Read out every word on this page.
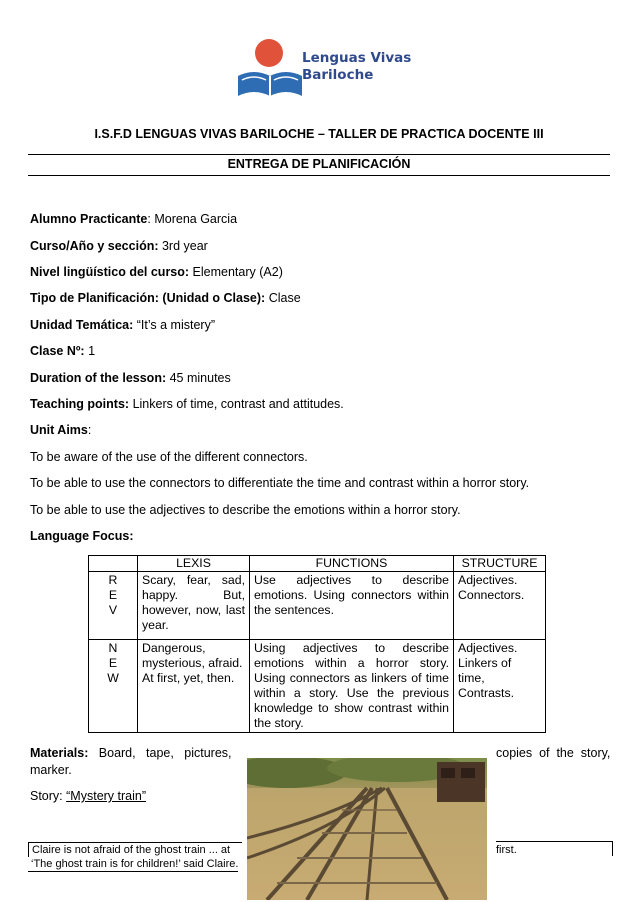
Lenguas Vivas
Bariloche
I.S.F.D LENGUAS VIVAS BARILOCHE – TALLER DE PRACTICA DOCENTE III
ENTREGA DE PLANIFICACIÓN
Alumno Practicante: Morena Garcia
Curso/Año y sección: 3rd year
Nivel lingüístico del curso: Elementary (A2)
Tipo de Planificación: (Unidad o Clase): Clase
Unidad Temática: “It’s a mistery”
Clase Nº: 1
Duration of the lesson: 45 minutes
Teaching points: Linkers of time, contrast and attitudes.
Unit Aims:
To be aware of the use of the different connectors.
To be able to use the connectors to differentiate the time and contrast within a horror story.
To be able to use the adjectives to describe the emotions within a horror story.
Language Focus:
	LEXIS	FUNCTIONS	STRUCTURE

R
E
V	Scary, fear, sad, happy. But, however, now, last year.	Use adjectives to describe emotions. Using connectors within the sentences.	Adjectives. Connectors.

N
E
W	Dangerous, mysterious, afraid. At first, yet, then.	Using adjectives to describe emotions within a horror story. Using connectors as linkers of time within a story. Use the previous knowledge to show contrast within the story.	Adjectives. Linkers of time, Contrasts.
Materials: Board,   tape,   pictures,	copies  of  the  story,
marker.
Story: “Mystery train”
Claire is not afraid of the ghost train ... at
‘The ghost train is for children!’ said Claire.
first.
